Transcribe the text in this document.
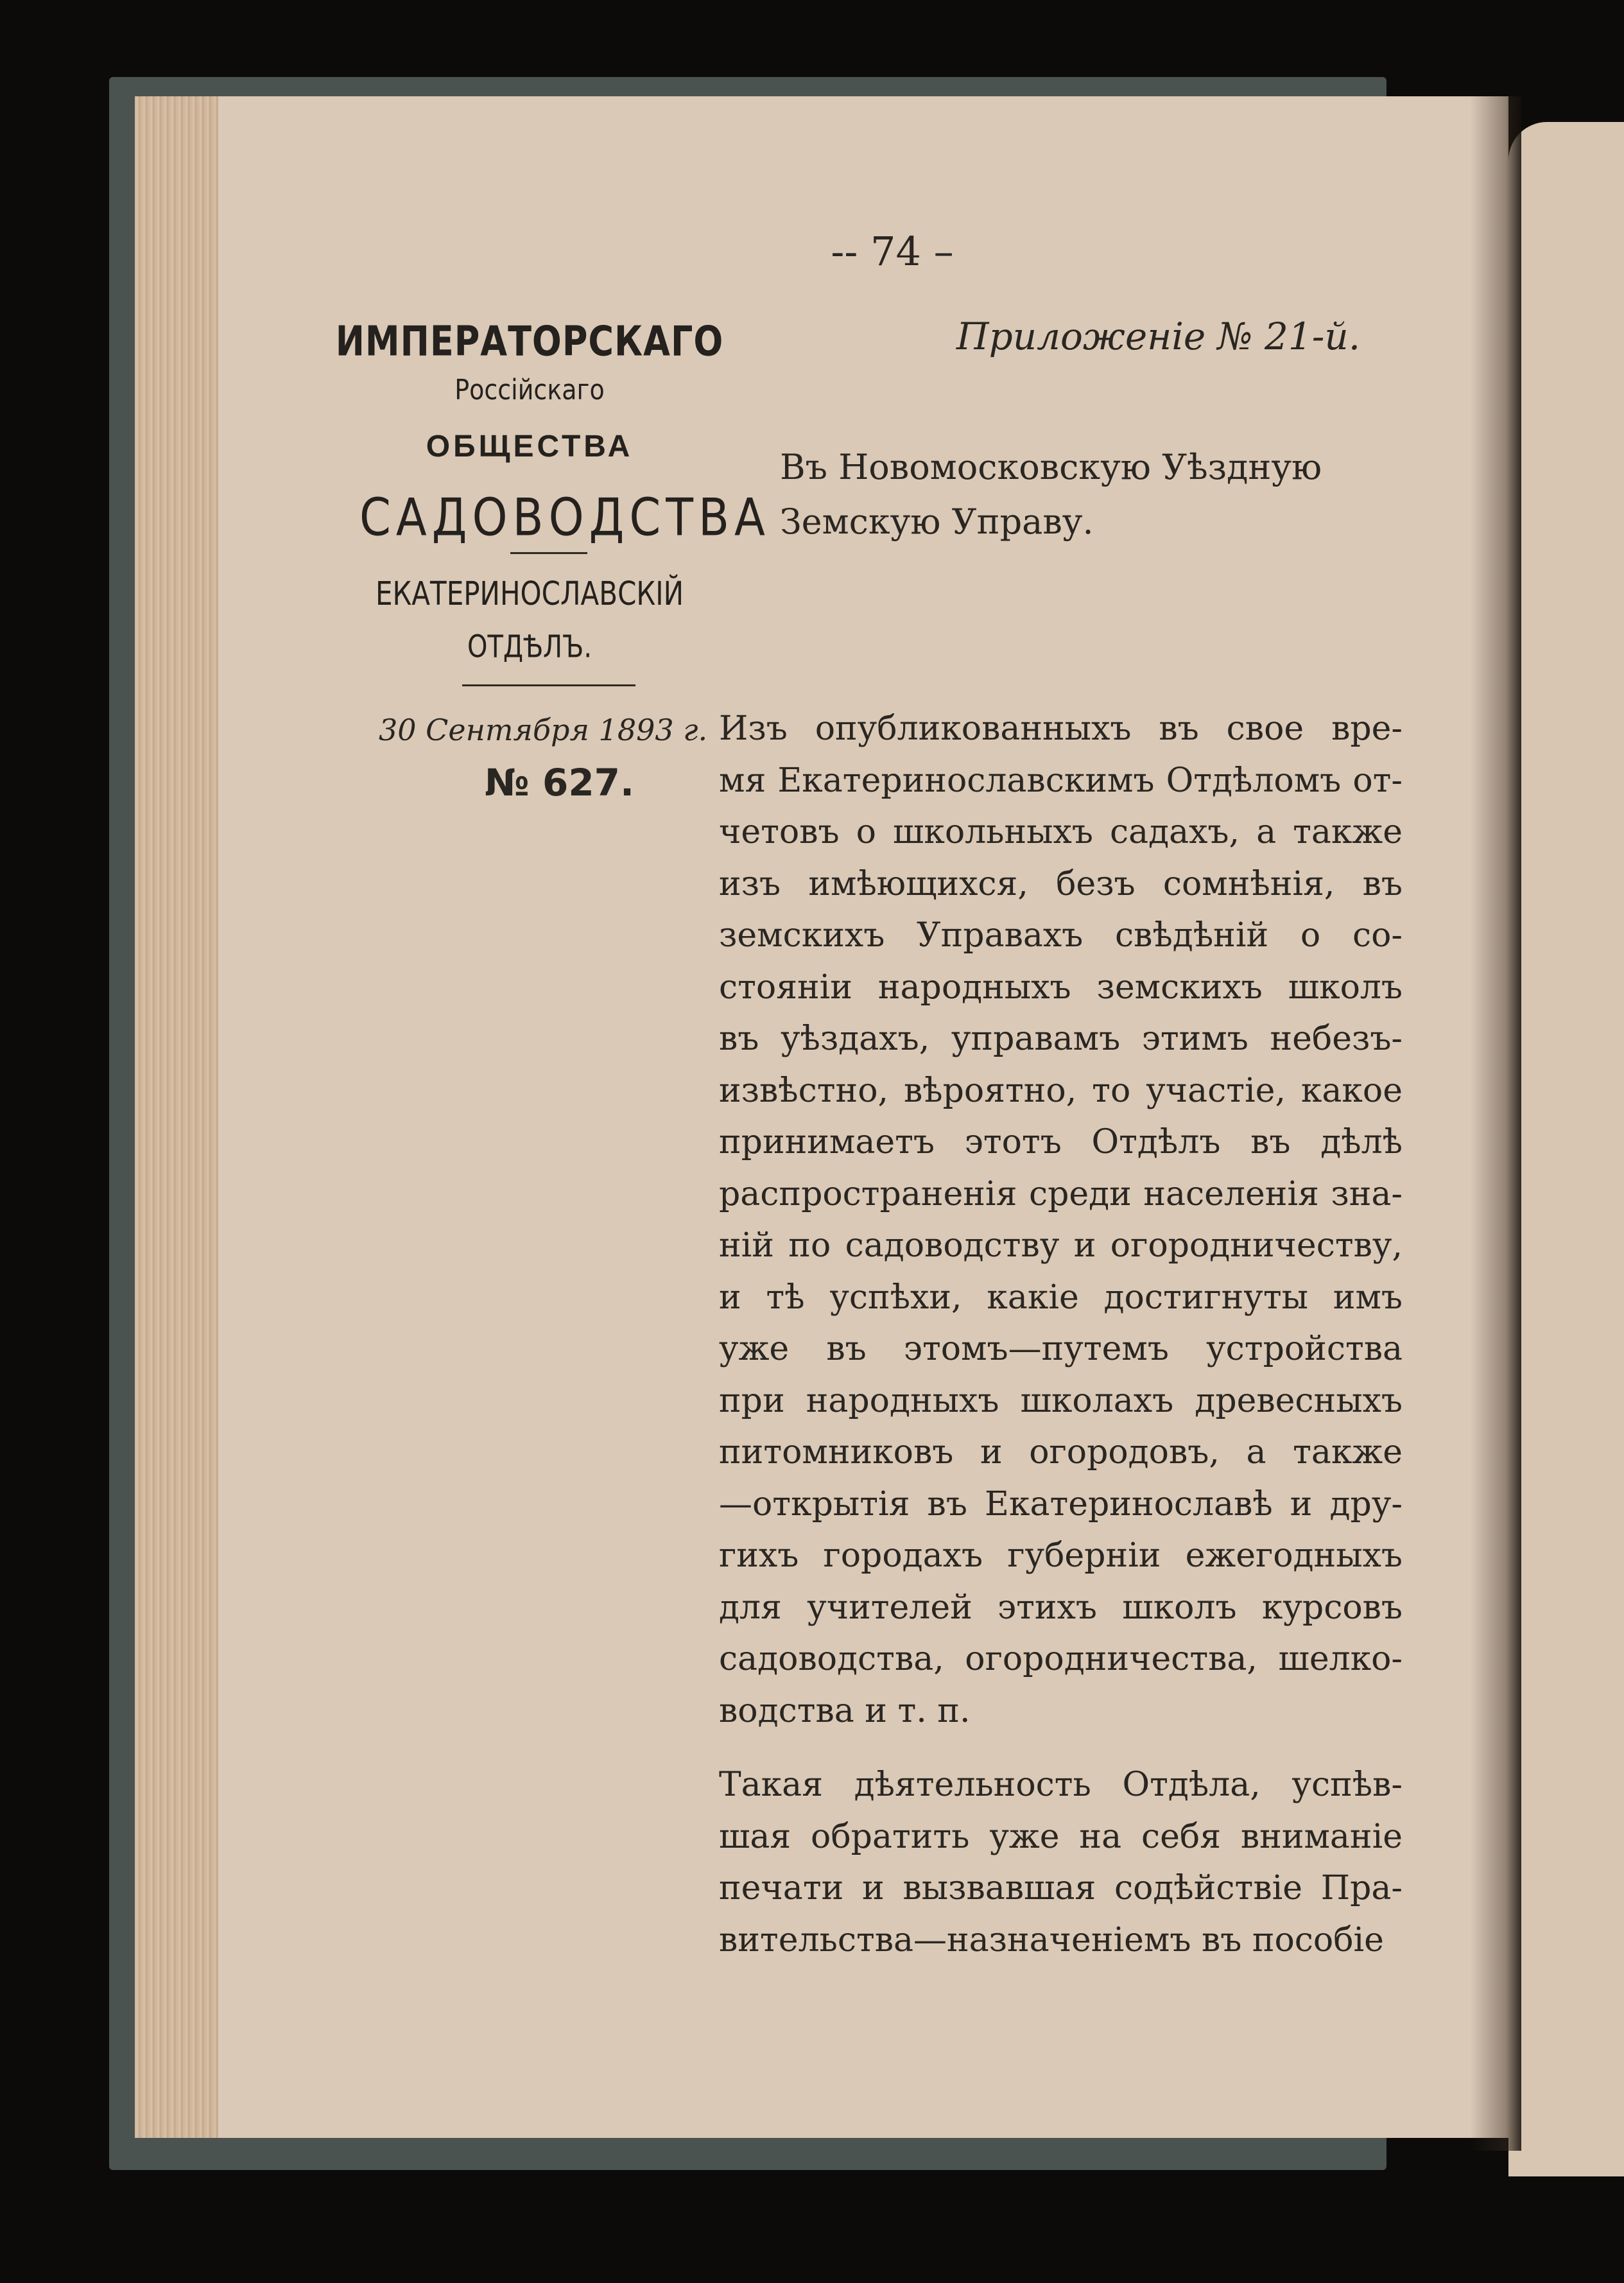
-- 74 –

Приложеніе № 21-й.

ИМПЕРАТОРСКАГО

Россійскаго

ОБЩЕСТВА

САДОВОДСТВА

ЕКАТЕРИНОСЛАВСКІЙ

ОТДѢЛЪ.

30 Сентября 1893 г.

№ 627.

Въ Новомосковскую Уѣздную Земскую Управу.

Изъ опубликованныхъ въ свое вре-
мя Екатеринославскимъ Отдѣломъ от-
четовъ о школьныхъ садахъ, а также
изъ имѣющихся, безъ сомнѣнія, въ
земскихъ Управахъ свѣдѣній о со-
стояніи народныхъ земскихъ школъ
въ уѣздахъ, управамъ этимъ небезъ-
извѣстно, вѣроятно, то участіе, какое
принимаетъ этотъ Отдѣлъ въ дѣлѣ
распространенія среди населенія зна-
ній по садоводству и огородничеству,
и тѣ успѣхи, какіе достигнуты имъ
уже въ этомъ—путемъ устройства
при народныхъ школахъ древесныхъ
питомниковъ и огородовъ, а также
—открытія въ Екатеринославѣ и дру-
гихъ городахъ губерніи ежегодныхъ
для учителей этихъ школъ курсовъ
садоводства, огородничества, шелко-
водства и т. п.
Такая дѣятельность Отдѣла, успѣв-
шая обратить уже на себя вниманіе
печати и вызвавшая содѣйствіе Пра-
вительства—назначеніемъ въ пособіе
